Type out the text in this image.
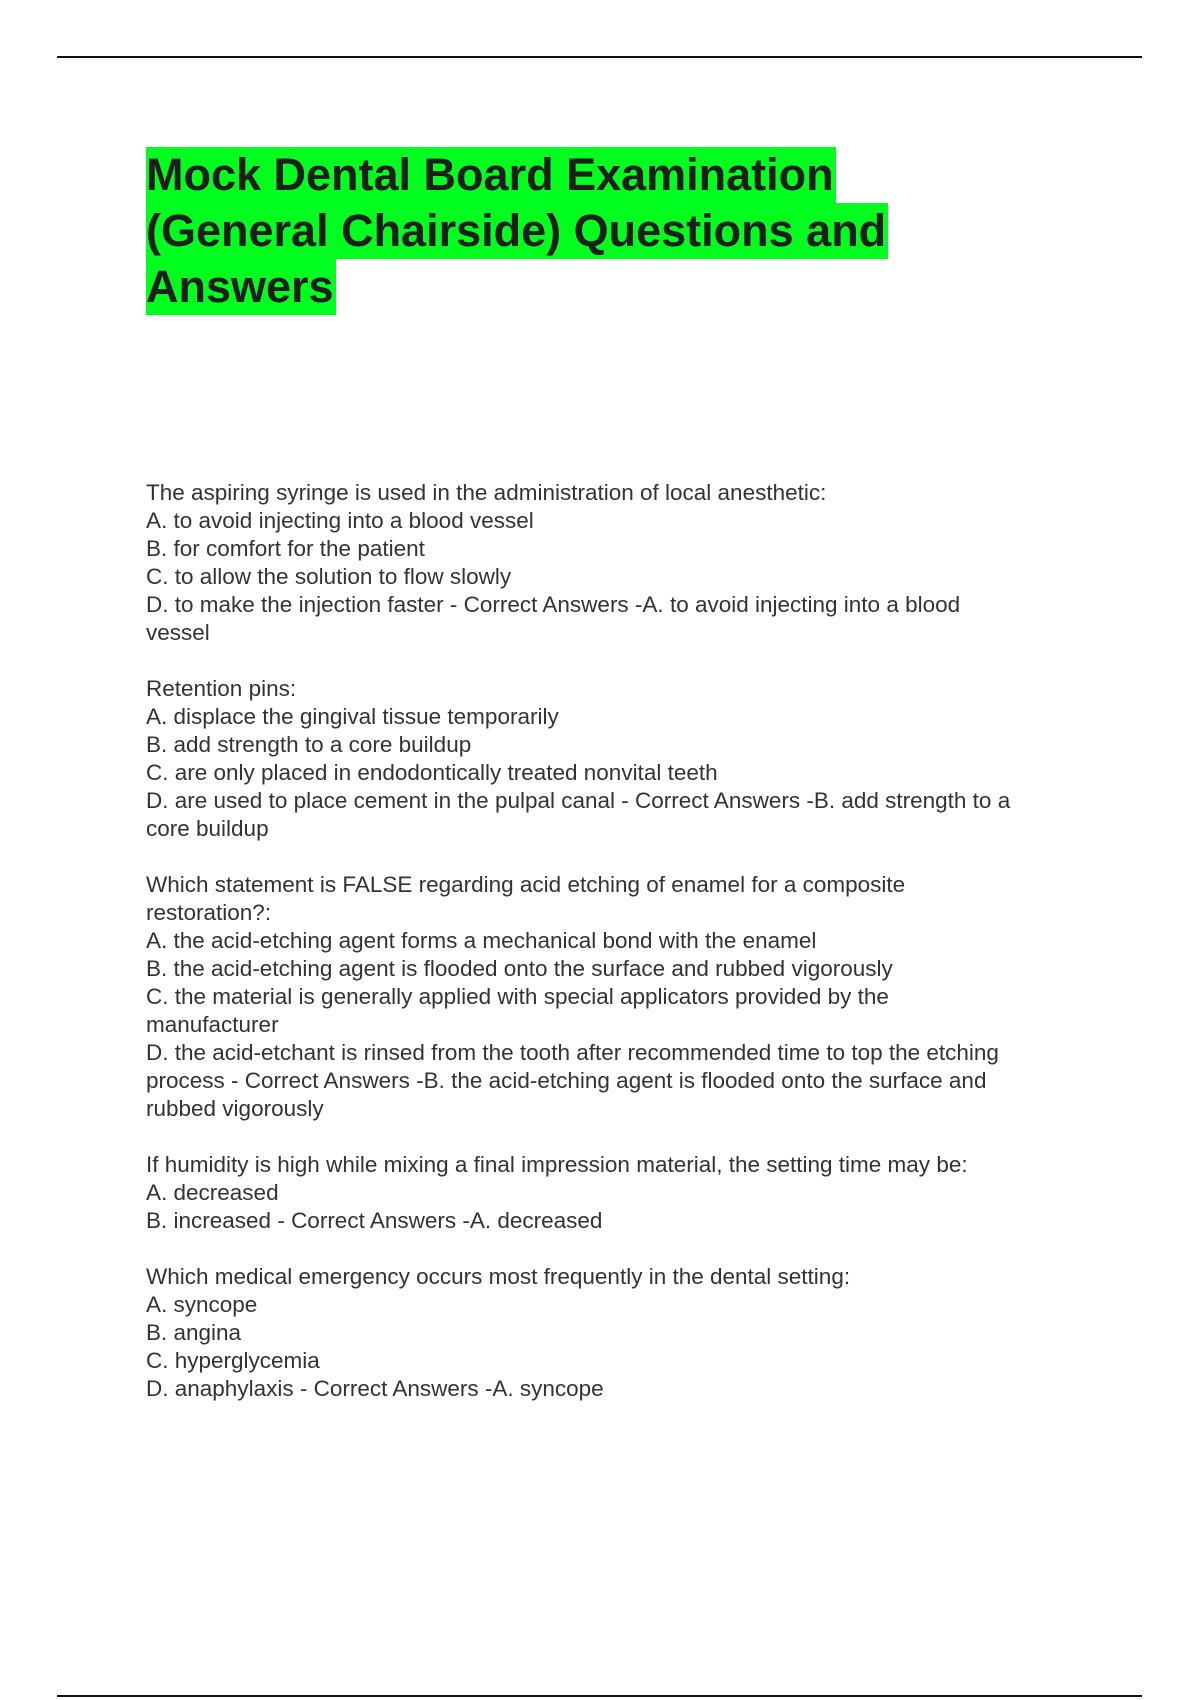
Mock Dental Board Examination
(General Chairside) Questions and
Answers

The aspiring syringe is used in the administration of local anesthetic:

A. to avoid injecting into a blood vessel

B. for comfort for the patient

C. to allow the solution to flow slowly

D. to make the injection faster - Correct Answers -A. to avoid injecting into a blood

vessel

Retention pins:

A. displace the gingival tissue temporarily

B. add strength to a core buildup

C. are only placed in endodontically treated nonvital teeth

D. are used to place cement in the pulpal canal - Correct Answers -B. add strength to a

core buildup

Which statement is FALSE regarding acid etching of enamel for a composite

restoration?:

A. the acid-etching agent forms a mechanical bond with the enamel

B. the acid-etching agent is flooded onto the surface and rubbed vigorously

C. the material is generally applied with special applicators provided by the

manufacturer

D. the acid-etchant is rinsed from the tooth after recommended time to top the etching

process - Correct Answers -B. the acid-etching agent is flooded onto the surface and

rubbed vigorously

If humidity is high while mixing a final impression material, the setting time may be:

A. decreased

B. increased - Correct Answers -A. decreased

Which medical emergency occurs most frequently in the dental setting:

A. syncope

B. angina

C. hyperglycemia

D. anaphylaxis - Correct Answers -A. syncope
